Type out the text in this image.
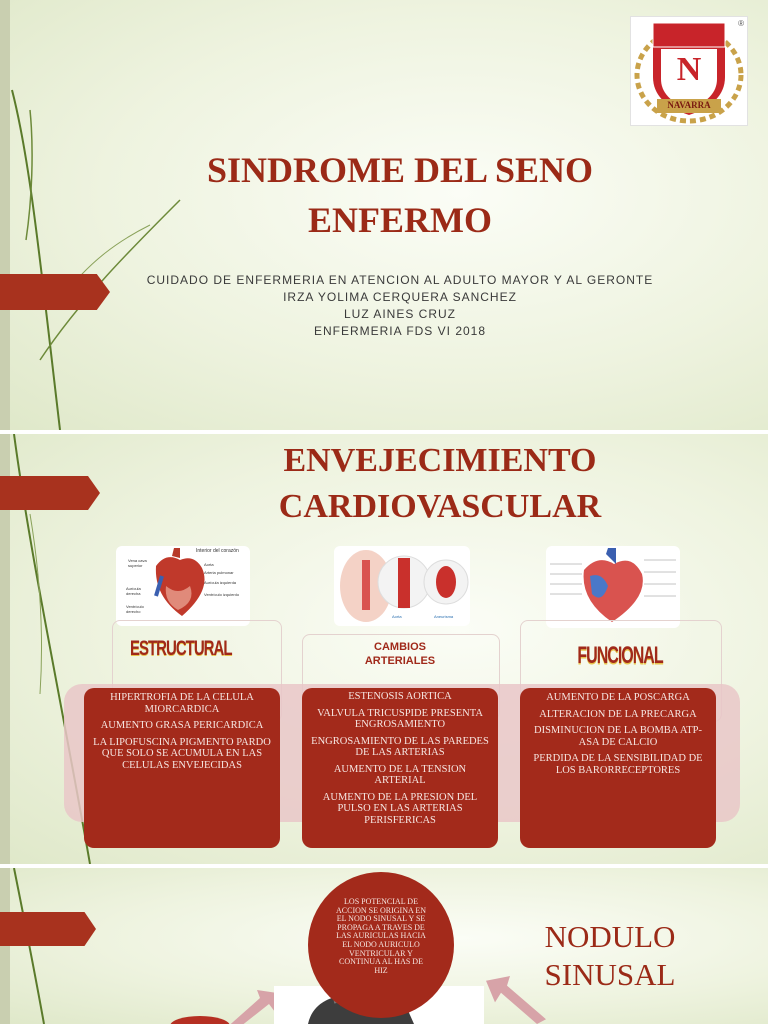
SINDROME DEL SENO
ENFERMO
CUIDADO DE ENFERMERIA EN ATENCION AL ADULTO MAYOR Y AL GERONTE
IRZA YOLIMA CERQUERA SANCHEZ
LUZ AINES CRUZ
ENFERMERIA FDS VI 2018
N
NAVARRA
®
ENVEJECIMIENTO
CARDIOVASCULAR
Interior del corazón
Vena cava superior	Aorta
Arteria pulmonar
Aurícula izquierda
Aurícula derecha	Ventrículo izquierdo
Ventrículo derecho
Aorta	Aneurisma
ESTRUCTURAL	CAMBIOS ARTERIALES	FUNCIONAL

HIPERTROFIA DE LA CELULA MIORCARDICA

AUMENTO GRASA PERICARDICA

LA LIPOFUSCINA PIGMENTO PARDO QUE SOLO SE ACUMULA EN LAS CELULAS ENVEJECIDAS

ESTENOSIS AORTICA

VALVULA TRICUSPIDE PRESENTA ENGROSAMIENTO

ENGROSAMIENTO DE LAS PAREDES DE LAS ARTERIAS

AUMENTO DE LA TENSION ARTERIAL

AUMENTO DE LA PRESION DEL PULSO EN LAS ARTERIAS PERISFERICAS

AUMENTO DE LA POSCARGA

ALTERACION DE LA PRECARGA

DISMINUCION DE LA BOMBA ATP-ASA DE CALCIO

PERDIDA DE LA SENSIBILIDAD DE LOS BARORRECEPTORES

LOS POTENCIAL DE ACCION SE ORIGINA EN EL NODO SINUSAL Y SE PROPAGA A TRAVES DE LAS AURICULAS HACIA EL NODO AURICULO VENTRICULAR Y CONTINUA AL HAS DE HIZ
NODULO
SINUSAL
